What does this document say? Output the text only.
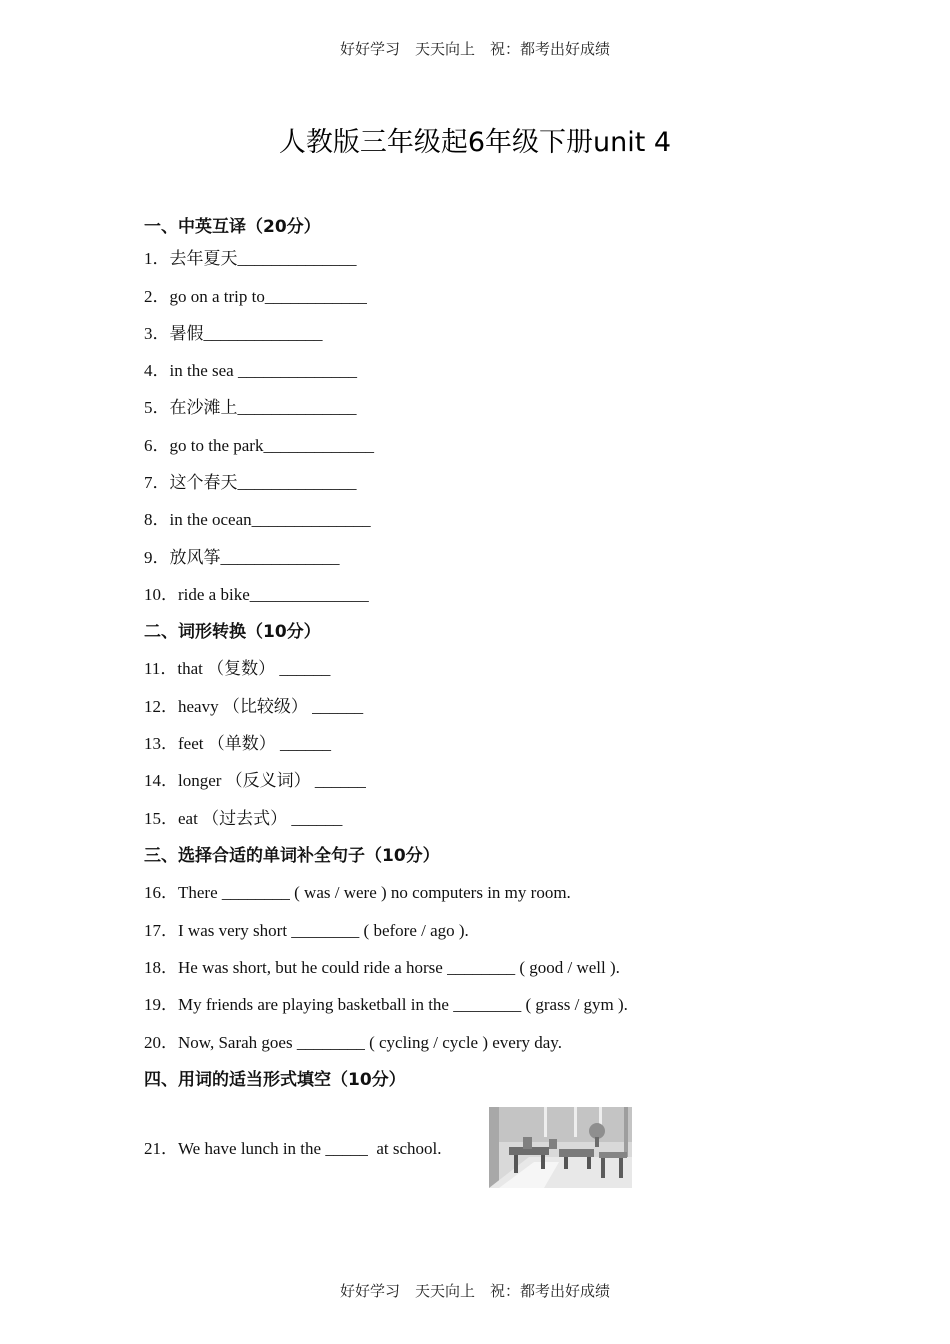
好好学习　天天向上　祝：都考出好成绩
人教版三年级起6年级下册unit 4
一、中英互译（20分）
1．去年夏天______________
2．go on a trip to____________
3．暑假______________
4．in the sea ______________
5．在沙滩上______________
6．go to the park_____________
7．这个春天______________
8．in the ocean______________
9．放风筝______________
10．ride a bike______________
二、词形转换（10分）
11．that （复数） ______
12．heavy （比较级） ______
13．feet （单数） ______
14．longer （反义词） ______
15．eat （过去式） ______
三、选择合适的单词补全句子（10分）
16．There ________ ( was / were ) no computers in my room.
17．I was very short ________ ( before / ago ).
18．He was short, but he could ride a horse ________ ( good / well ).
19．My friends are playing basketball in the ________ ( grass / gym ).
20．Now, Sarah goes ________ ( cycling / cycle ) every day.
四、用词的适当形式填空（10分）
21．We have lunch in the _____  at school.
好好学习　天天向上　祝：都考出好成绩
